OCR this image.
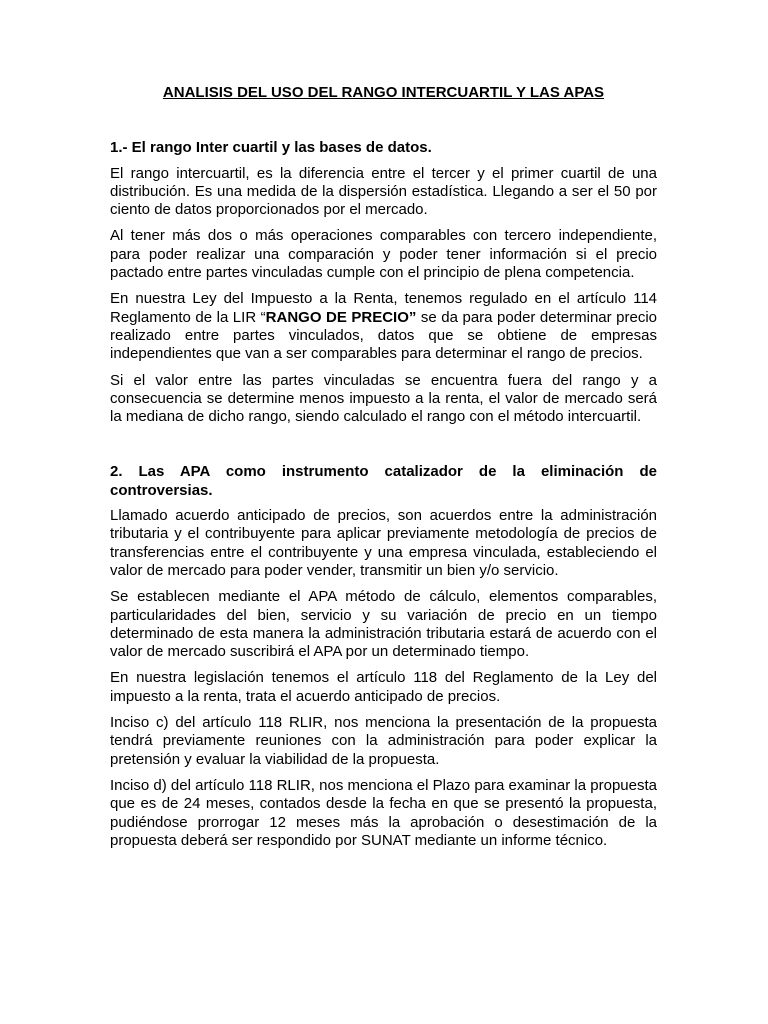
ANALISIS DEL USO DEL RANGO INTERCUARTIL Y LAS APAS

1.- El rango Inter cuartil y las bases de datos.

El rango intercuartil, es la diferencia entre el tercer y el primer cuartil de una distribución. Es una medida de la dispersión estadística. Llegando a ser el 50 por ciento de datos proporcionados por el mercado.

Al tener más dos o más operaciones comparables con tercero independiente, para poder realizar una comparación y poder tener información si el precio pactado entre partes vinculadas cumple con el principio de plena competencia.

En nuestra Ley del Impuesto a la Renta, tenemos regulado en el artículo 114 Reglamento de la LIR “RANGO DE PRECIO” se da para poder determinar precio realizado entre partes vinculados, datos que se obtiene de empresas independientes que van a ser comparables para determinar el rango de precios.

Si el valor entre las partes vinculadas se encuentra fuera del rango y a consecuencia se determine menos impuesto a la renta, el valor de mercado será la mediana de dicho rango, siendo calculado el rango con el método intercuartil.

2. Las APA como instrumento catalizador de la eliminación de controversias.

Llamado acuerdo anticipado de precios, son acuerdos entre la administración tributaria y el contribuyente para aplicar previamente metodología de precios de transferencias entre el contribuyente y una empresa vinculada, estableciendo el valor de mercado para poder vender, transmitir un bien y/o servicio.

Se establecen mediante el APA método de cálculo, elementos comparables, particularidades del bien, servicio y su variación de precio en un tiempo determinado de esta manera la administración tributaria estará de acuerdo con el valor de mercado suscribirá el APA por un determinado tiempo.

En nuestra legislación tenemos el artículo 118 del Reglamento de la Ley del impuesto a la renta, trata el acuerdo anticipado de precios.

Inciso c) del artículo 118 RLIR, nos menciona la presentación de la propuesta tendrá previamente reuniones con la administración para poder explicar la pretensión y evaluar la viabilidad de la propuesta.

Inciso d) del artículo 118 RLIR, nos menciona el Plazo para examinar la propuesta que es de 24 meses, contados desde la fecha en que se presentó la propuesta, pudiéndose prorrogar 12 meses más la aprobación o desestimación de la propuesta deberá ser respondido por SUNAT mediante un informe técnico.
